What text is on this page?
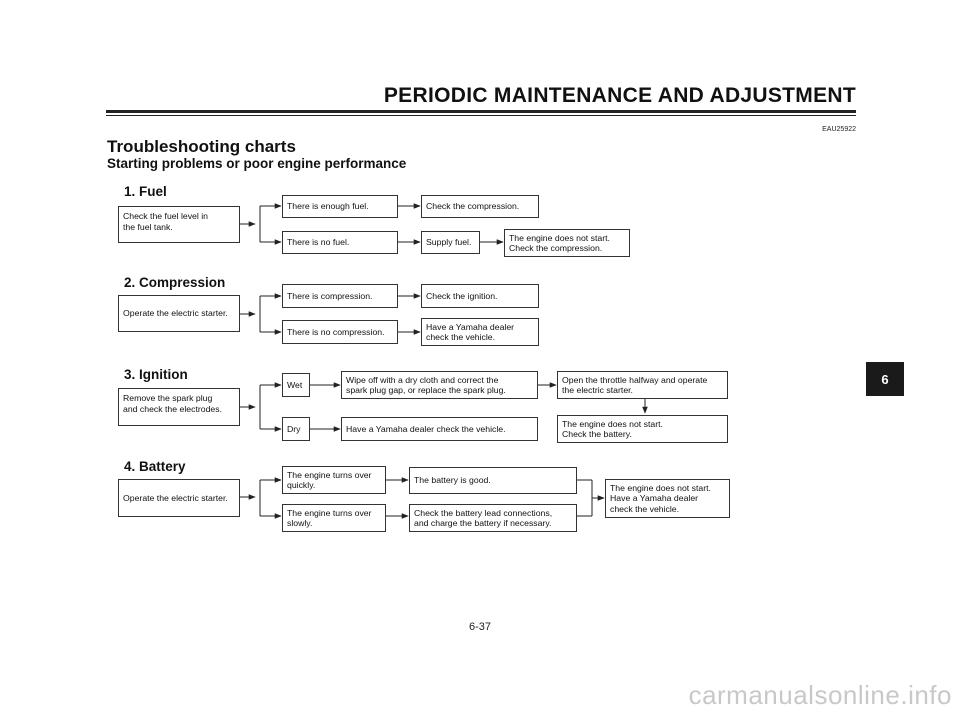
PERIODIC MAINTENANCE AND ADJUSTMENT
EAU25922
Troubleshooting charts
Starting problems or poor engine performance
1. Fuel
Check the fuel level in
the fuel tank.
There is enough fuel.	Check the compression.
There is no fuel.	Supply fuel.	The engine does not start.
Check the compression.
2. Compression
Operate the electric starter.
There is compression.	Check the ignition.
There is no compression.
Have a Yamaha dealer
check the vehicle.
3. Ignition
Remove the spark plug
and check the electrodes.
Wet
Wipe off with a dry cloth and correct the
spark plug gap, or replace the spark plug.
Open the throttle halfway and operate
the electric starter.
The engine does not start.
Check the battery.
Dry	Have a Yamaha dealer check the vehicle.
4. Battery
Operate the electric starter.
The engine turns over
quickly.	The battery is good.
The engine turns over
slowly.
Check the battery lead connections,
and charge the battery if necessary.
The engine does not start.
Have a Yamaha dealer
check the vehicle.
6
6-37
carmanualsonline.info
